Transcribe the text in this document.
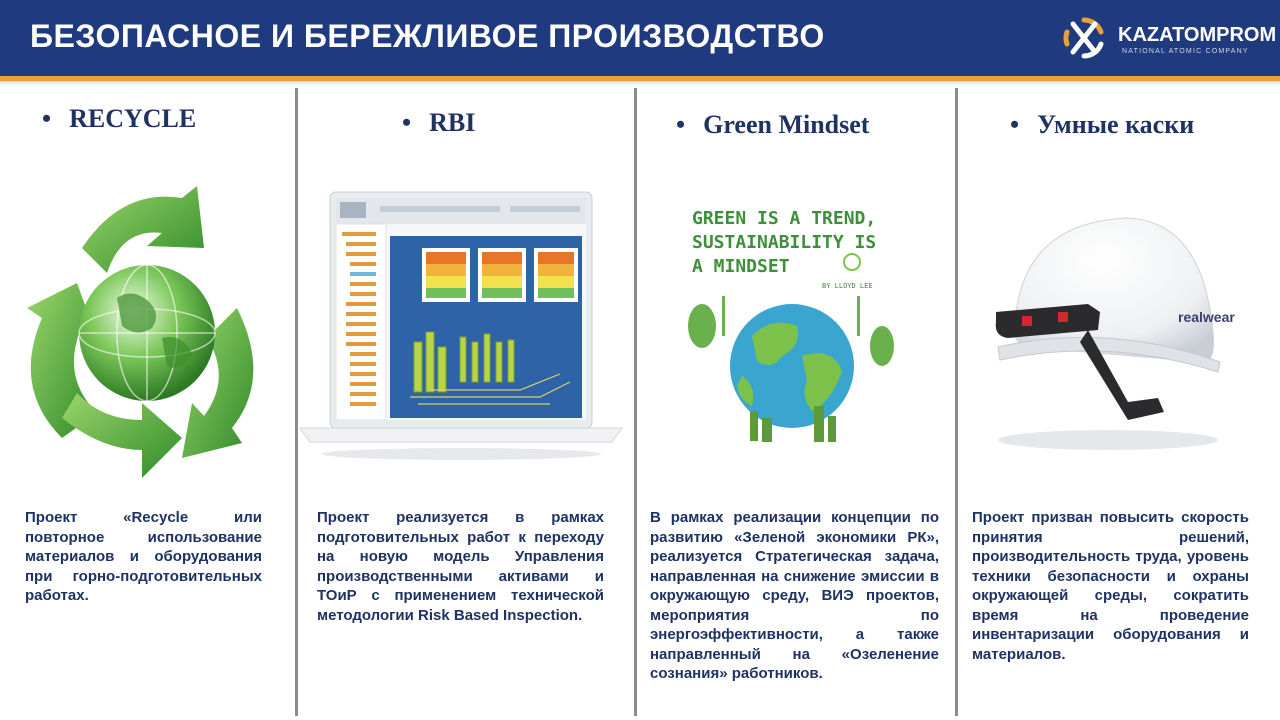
БЕЗОПАСНОЕ И БЕРЕЖЛИВОЕ ПРОИЗВОДСТВО	KAZATOMPROM
NATIONAL ATOMIC COMPANY
• RECYCLE
Проект «Recycle или повторное использование материалов и оборудования при горно-подготовительных работах.
• RBI
Проект реализуется в рамках подготовительных работ к переходу на новую модель Управления производственными активами и ТОиР с применением технической методологии Risk Based Inspection.
• Green Mindset
GREEN IS A TREND,
SUSTAINABILITY IS
A MINDSET
BY LLOYD LEE
В рамках реализации концепции по развитию «Зеленой экономики РК», реализуется Стратегическая задача, направленная на снижение эмиссии в окружающую среду, ВИЭ проектов, мероприятия по энергоэффективности, а также направленный на «Озеленение сознания» работников.
• Умные каски
realwear
Проект призван повысить скорость принятия решений, производительность труда, уровень техники безопасности и охраны окружающей среды, сократить время на проведение инвентаризации оборудования и материалов.
